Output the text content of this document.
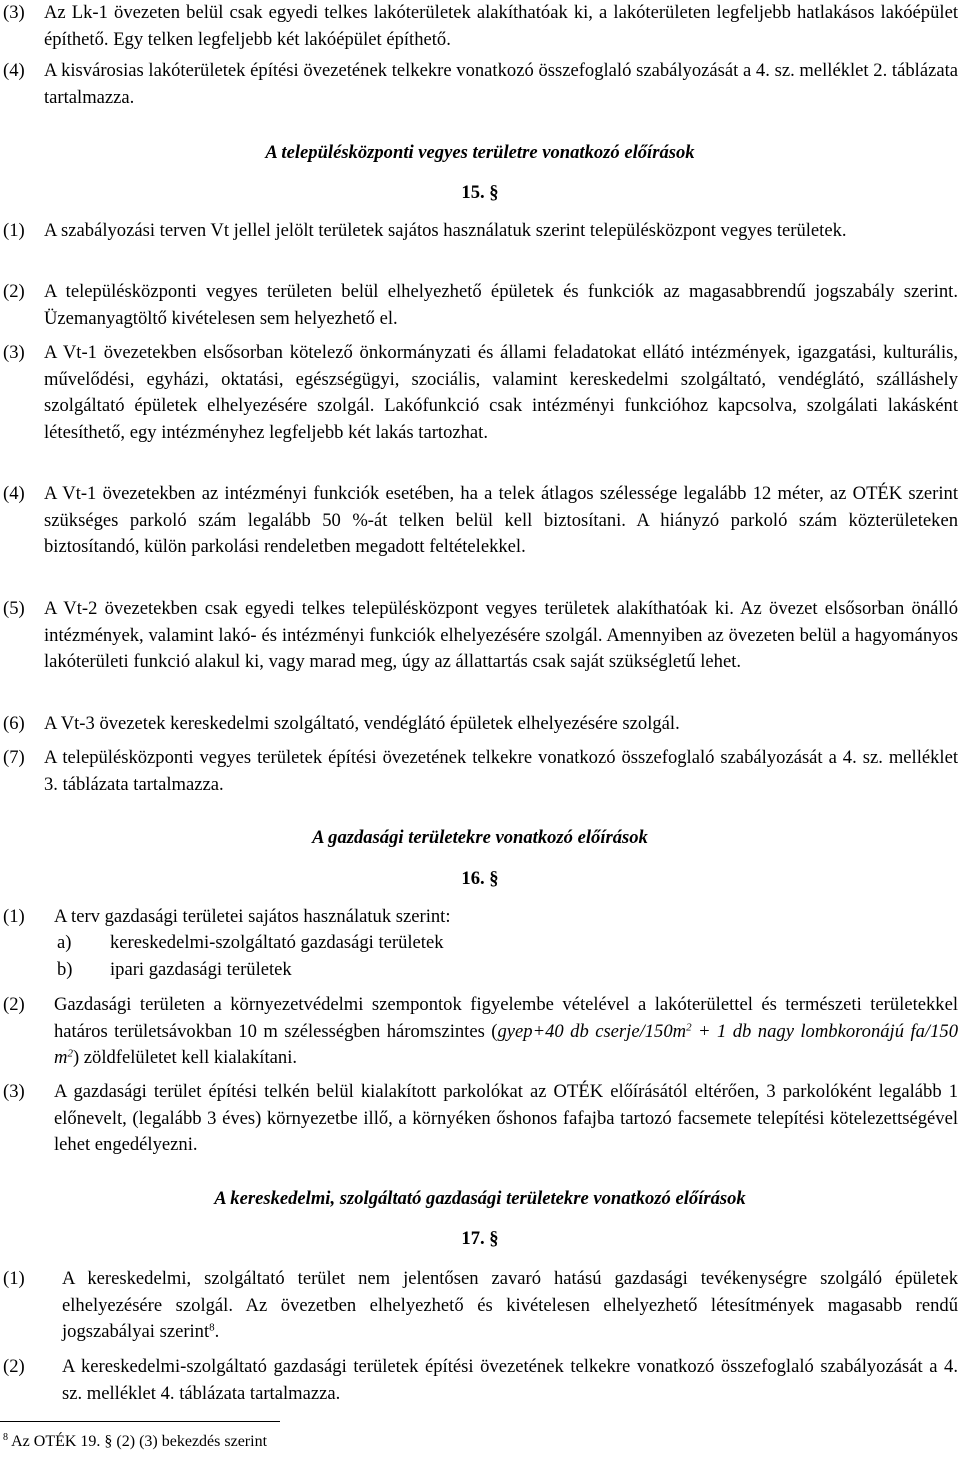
(3) Az Lk-1 övezeten belül csak egyedi telkes lakóterületek alakíthatóak ki, a lakóterületen legfeljebb hatlakásos lakóépület építhető. Egy telken legfeljebb két lakóépület építhető.
(4) A kisvárosias lakóterületek építési övezetének telkekre vonatkozó összefoglaló szabályozását a 4. sz. melléklet 2. táblázata tartalmazza.
A településközponti vegyes területre vonatkozó előírások
15. §
(1) A szabályozási terven Vt jellel jelölt területek sajátos használatuk szerint településközpont vegyes területek.
(2) A településközponti vegyes területen belül elhelyezhető épületek és funkciók az magasabbrendű jogszabály szerint. Üzemanyagtöltő kivételesen sem helyezhető el.
(3) A Vt-1 övezetekben elsősorban kötelező önkormányzati és állami feladatokat ellátó intézmények, igazgatási, kulturális, művelődési, egyházi, oktatási, egészségügyi, szociális, valamint kereskedelmi szolgáltató, vendéglátó, szálláshely szolgáltató épületek elhelyezésére szolgál. Lakófunkció csak intézményi funkcióhoz kapcsolva, szolgálati lakásként létesíthető, egy intézményhez legfeljebb két lakás tartozhat.
(4) A Vt-1 övezetekben az intézményi funkciók esetében, ha a telek átlagos szélessége legalább 12 méter, az OTÉK szerint szükséges parkoló szám legalább 50 %-át telken belül kell biztosítani. A hiányzó parkoló szám közterületeken biztosítandó, külön parkolási rendeletben megadott feltételekkel.
(5) A Vt-2 övezetekben csak egyedi telkes településközpont vegyes területek alakíthatóak ki. Az övezet elsősorban önálló intézmények, valamint lakó- és intézményi funkciók elhelyezésére szolgál. Amennyiben az övezeten belül a hagyományos lakóterületi funkció alakul ki, vagy marad meg, úgy az állattartás csak saját szükségletű lehet.
(6) A Vt-3 övezetek kereskedelmi szolgáltató, vendéglátó épületek elhelyezésére szolgál.
(7) A településközponti vegyes területek építési övezetének telkekre vonatkozó összefoglaló szabályozását a 4. sz. melléklet 3. táblázata tartalmazza.
A gazdasági területekre vonatkozó előírások
16. §
(1) A terv gazdasági területei sajátos használatuk szerint:
a) kereskedelmi-szolgáltató gazdasági területek
b) ipari gazdasági területek
(2) Gazdasági területen a környezetvédelmi szempontok figyelembe vételével a lakóterülettel és természeti területekkel határos területsávokban 10 m szélességben háromszintes (gyep+40 db cserje/$150m^2 + 1$ db nagy lombkoronájú fa/150 $m^2$) zöldfelületet kell kialakítani.
(3) A gazdasági terület építési telkén belül kialakított parkolókat az OTÉK előírásától eltérően, 3 parkolóként legalább 1 előnevelt, (legalább 3 éves) környezetbe illő, a környéken őshonos fafajba tartozó facsemete telepítési kötelezettségével lehet engedélyezni.
A kereskedelmi, szolgáltató gazdasági területekre vonatkozó előírások
17. §
(1) A kereskedelmi, szolgáltató terület nem jelentősen zavaró hatású gazdasági tevékenységre szolgáló épületek elhelyezésére szolgál. Az övezetben elhelyezhető és kivételesen elhelyezhető létesítmények magasabb rendű jogszabályai szerint$^8$.
(2) A kereskedelmi-szolgáltató gazdasági területek építési övezetének telkekre vonatkozó összefoglaló szabályozását a 4. sz. melléklet 4. táblázata tartalmazza.
$^8$ Az OTÉK 19. § (2) (3) bekezdés szerint
